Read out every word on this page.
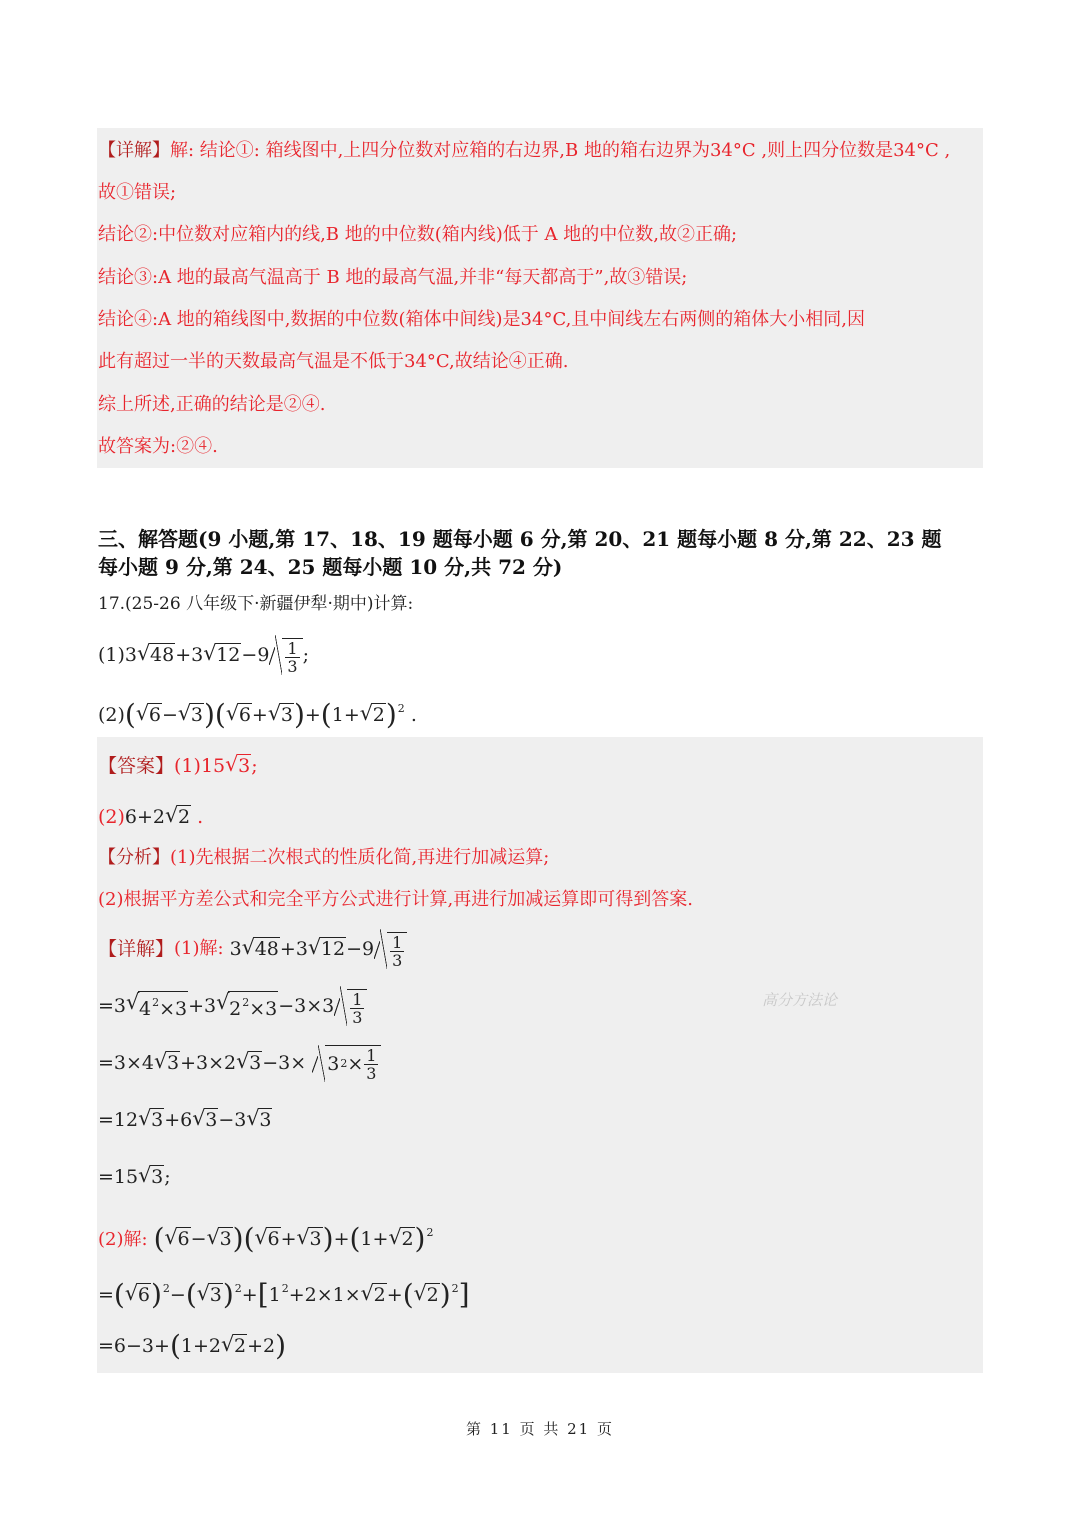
【详解】解: 结论①: 箱线图中,上四分位数对应箱的右边界,B 地的箱右边界为34°C ,则上四分位数是34°C ,
故①错误;
结论②:中位数对应箱内的线,B 地的中位数(箱内线)低于 A 地的中位数,故②正确;
结论③:A 地的最高气温高于 B 地的最高气温,并非“每天都高于”,故③错误;
结论④:A 地的箱线图中,数据的中位数(箱体中间线)是34°C,且中间线左右两侧的箱体大小相同,因
此有超过一半的天数最高气温是不低于34°C,故结论④正确.
综上所述,正确的结论是②④.
故答案为:②④.
三、解答题(9 小题,第 17、18、19 题每小题 6 分,第 20、21 题每小题 8 分,第 22、23 题
每小题 9 分,第 24、25 题每小题 10 分,共 72 分)
17.(25-26 八年级下·新疆伊犁·期中)计算:
(1) 3
√ 48 +3
√ $12 -9 \frac{1}{3}$ ;
(2)(√ 6−√ 3)(√ 6+√ 3)+(1+√ 2)$^2$ .
【答案】(1)15√ 3;
(2)6+2√ 2 .
【分析】(1)先根据二次根式的性质化简,再进行加减运算;
(2)根据平方差公式和完全平方公式进行计算,再进行加减运算即可得到答案.
【详解】 (1)解: 3
√ 48 +3
√ $12 -9 \frac{1}{3}$
=3
√ $4^2\times 3 +3$
√ $2^2\times 3 -3\times 3 \frac{1}{3}$
=3×4
√ 3 +3×2
√ 3 −3× 3 $2 \times \frac{1}{3}$
=12√ 3+6√ 3−3√ 3
=15√ 3;
(2)解: (√ 6−√ 3)(√ 6+√ 3)+(1+√ 2)$^2$
=(√ 6)$^2$−(√ $3)^2+[1^2+2\times 1\times√$ 2+(√ 2)$^2$]
=6−3+(1+2√ 2+2)
高分方法论
第 11 页 共 21 页
